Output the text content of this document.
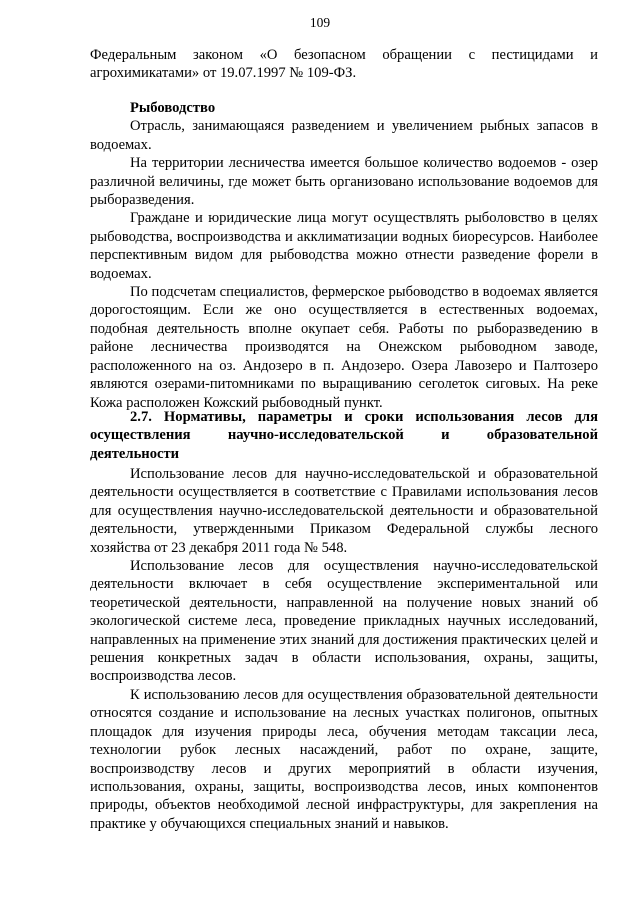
109

Федеральным законом «О безопасном обращении с пестицидами и агрохимикатами» от 19.07.1997 № 109-ФЗ.

Рыбоводство

Отрасль, занимающаяся разведением и увеличением рыбных запасов в водоемах.

На территории лесничества имеется большое количество водоемов - озер различной величины, где может быть организовано использование водоемов для рыборазведения.

Граждане и юридические лица могут осуществлять рыболовство в целях рыбоводства, воспроизводства и акклиматизации водных биоресурсов. Наиболее перспективным видом для рыбоводства можно отнести разведение форели в водоемах.

По подсчетам специалистов, фермерское рыбоводство в водоемах является дорогостоящим. Если же оно осуществляется в естественных водоемах, подобная деятельность вполне окупает себя. Работы по рыборазведению в районе лесничества производятся на Онежском рыбоводном заводе, расположенного на оз. Андозеро в п. Андозеро. Озера Лавозеро и Палтозеро являются озерами-питомниками по выращиванию сеголеток сиговых. На реке Кожа расположен Кожский рыбоводный пункт.

2.7. Нормативы, параметры и сроки использования лесов для осуществления научно-исследовательской и образовательной
деятельности

Использование лесов для научно-исследовательской и образовательной деятельности осуществляется в соответствие с Правилами использования лесов для осуществления научно-исследовательской деятельности и образовательной деятельности, утвержденными Приказом Федеральной службы лесного хозяйства от 23 декабря 2011 года № 548.

Использование лесов для осуществления научно-исследовательской деятельности включает в себя осуществление экспериментальной или теоретической деятельности, направленной на получение новых знаний об экологической системе леса, проведение прикладных научных исследований, направленных на применение этих знаний для достижения практических целей и решения конкретных задач в области использования, охраны, защиты, воспроизводства лесов.

К использованию лесов для осуществления образовательной деятельности относятся создание и использование на лесных участках полигонов, опытных площадок для изучения природы леса, обучения методам таксации леса, технологии рубок лесных насаждений, работ по охране, защите, воспроизводству лесов и других мероприятий в области изучения, использования, охраны, защиты, воспроизводства лесов, иных компонентов природы, объектов необходимой лесной инфраструктуры, для закрепления на практике у обучающихся специальных знаний и навыков.
